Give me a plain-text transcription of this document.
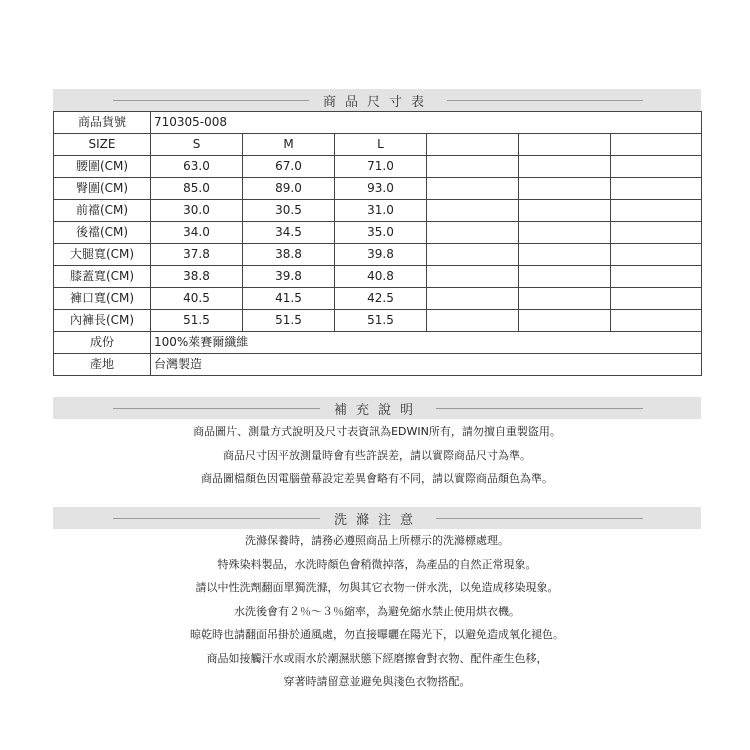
商品尺寸表
商品貨號	710305-008					
SIZE	S	M	L			
腰圍(CM)	63.0	67.0	71.0			
臀圍(CM)	85.0	89.0	93.0			
前襠(CM)	30.0	30.5	31.0			
後襠(CM)	34.0	34.5	35.0			
大腿寬(CM)	37.8	38.8	39.8			
膝蓋寬(CM)	38.8	39.8	40.8			
褲口寬(CM)	40.5	41.5	42.5			
內褲長(CM)	51.5	51.5	51.5			
成份	100%萊賽爾纖維					
產地	台灣製造					
補充說明
商品圖片、測量方式說明及尺寸表資訊為EDWIN所有，請勿擅自重製盜用。
商品尺寸因平放測量時會有些許誤差，請以實際商品尺寸為準。
商品圖檔顏色因電腦螢幕設定差異會略有不同，請以實際商品顏色為準。
洗滌注意
洗滌保養時，請務必遵照商品上所標示的洗滌標處理。
特殊染料製品，水洗時顏色會稍微掉落，為產品的自然正常現象。
請以中性洗劑翻面單獨洗滌，勿與其它衣物一併水洗，以免造成移染現象。
水洗後會有２％～３％縮率，為避免縮水禁止使用烘衣機。
晾乾時也請翻面吊掛於通風處，勿直接曝曬在陽光下，以避免造成氧化褪色。
商品如接觸汗水或雨水於潮濕狀態下經磨擦會對衣物、配件產生色移，
穿著時請留意並避免與淺色衣物搭配。
